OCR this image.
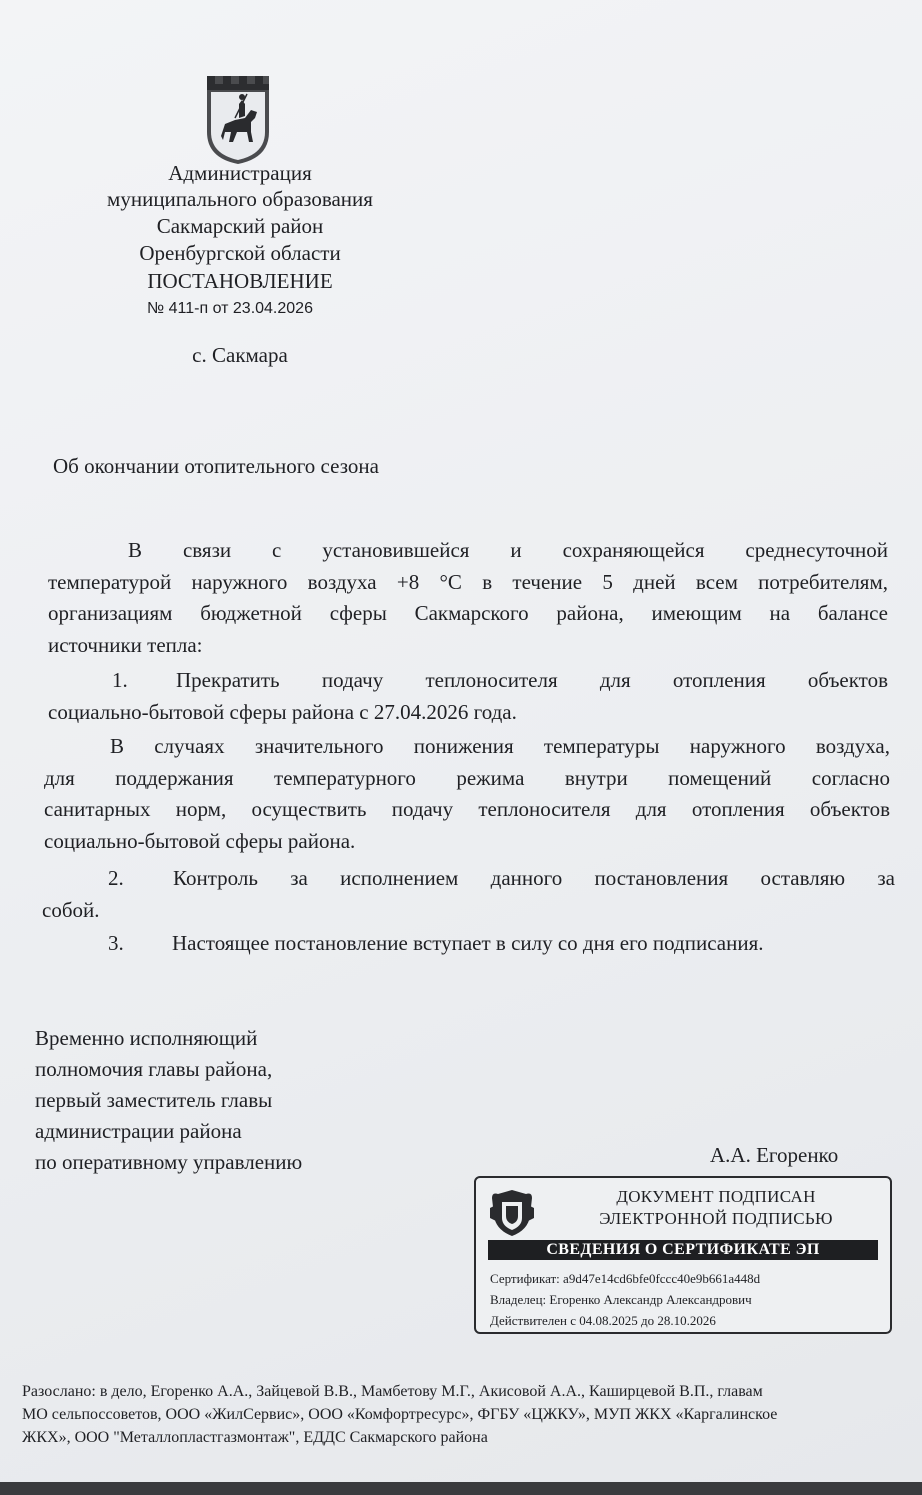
Администрация
муниципального образования
Сакмарский район
Оренбургской области
ПОСТАНОВЛЕНИЕ
№ 411-п от 23.04.2026
с. Сакмара
Об окончании отопительного сезона
В связи с установившейся и сохраняющейся среднесуточной
температурой наружного воздуха +8 °С в течение 5 дней всем потребителям,
организациям бюджетной сферы Сакмарского района, имеющим на балансе
источники тепла:
1. Прекратить подачу теплоносителя для отопления объектов
социально-бытовой сферы района с 27.04.2026 года.
В случаях значительного понижения температуры наружного воздуха,
для поддержания температурного режима внутри помещений согласно
санитарных норм, осуществить подачу теплоносителя для отопления объектов
социально-бытовой сферы района.
2. Контроль за исполнением данного постановления оставляю за
собой.
3. Настоящее постановление вступает в силу со дня его подписания.
Временно исполняющий
полномочия главы района,
первый заместитель главы
администрации района
по оперативному управлению	А.А. Егоренко
ДОКУМЕНТ ПОДПИСАН
ЭЛЕКТРОННОЙ ПОДПИСЬЮ
СВЕДЕНИЯ О СЕРТИФИКАТЕ ЭП
Сертификат: a9d47e14cd6bfe0fccc40e9b661a448d
Владелец: Егоренко Александр Александрович
Действителен с 04.08.2025 до 28.10.2026
Разослано: в дело, Егоренко А.А., Зайцевой В.В., Мамбетову М.Г., Акисовой А.А., Каширцевой В.П., главам
МО сельпоссоветов, ООО «ЖилСервис», ООО «Комфортресурс», ФГБУ «ЦЖКУ», МУП ЖКХ «Каргалинское
ЖКХ», ООО "Металлопластгазмонтаж", ЕДДС Сакмарского района
